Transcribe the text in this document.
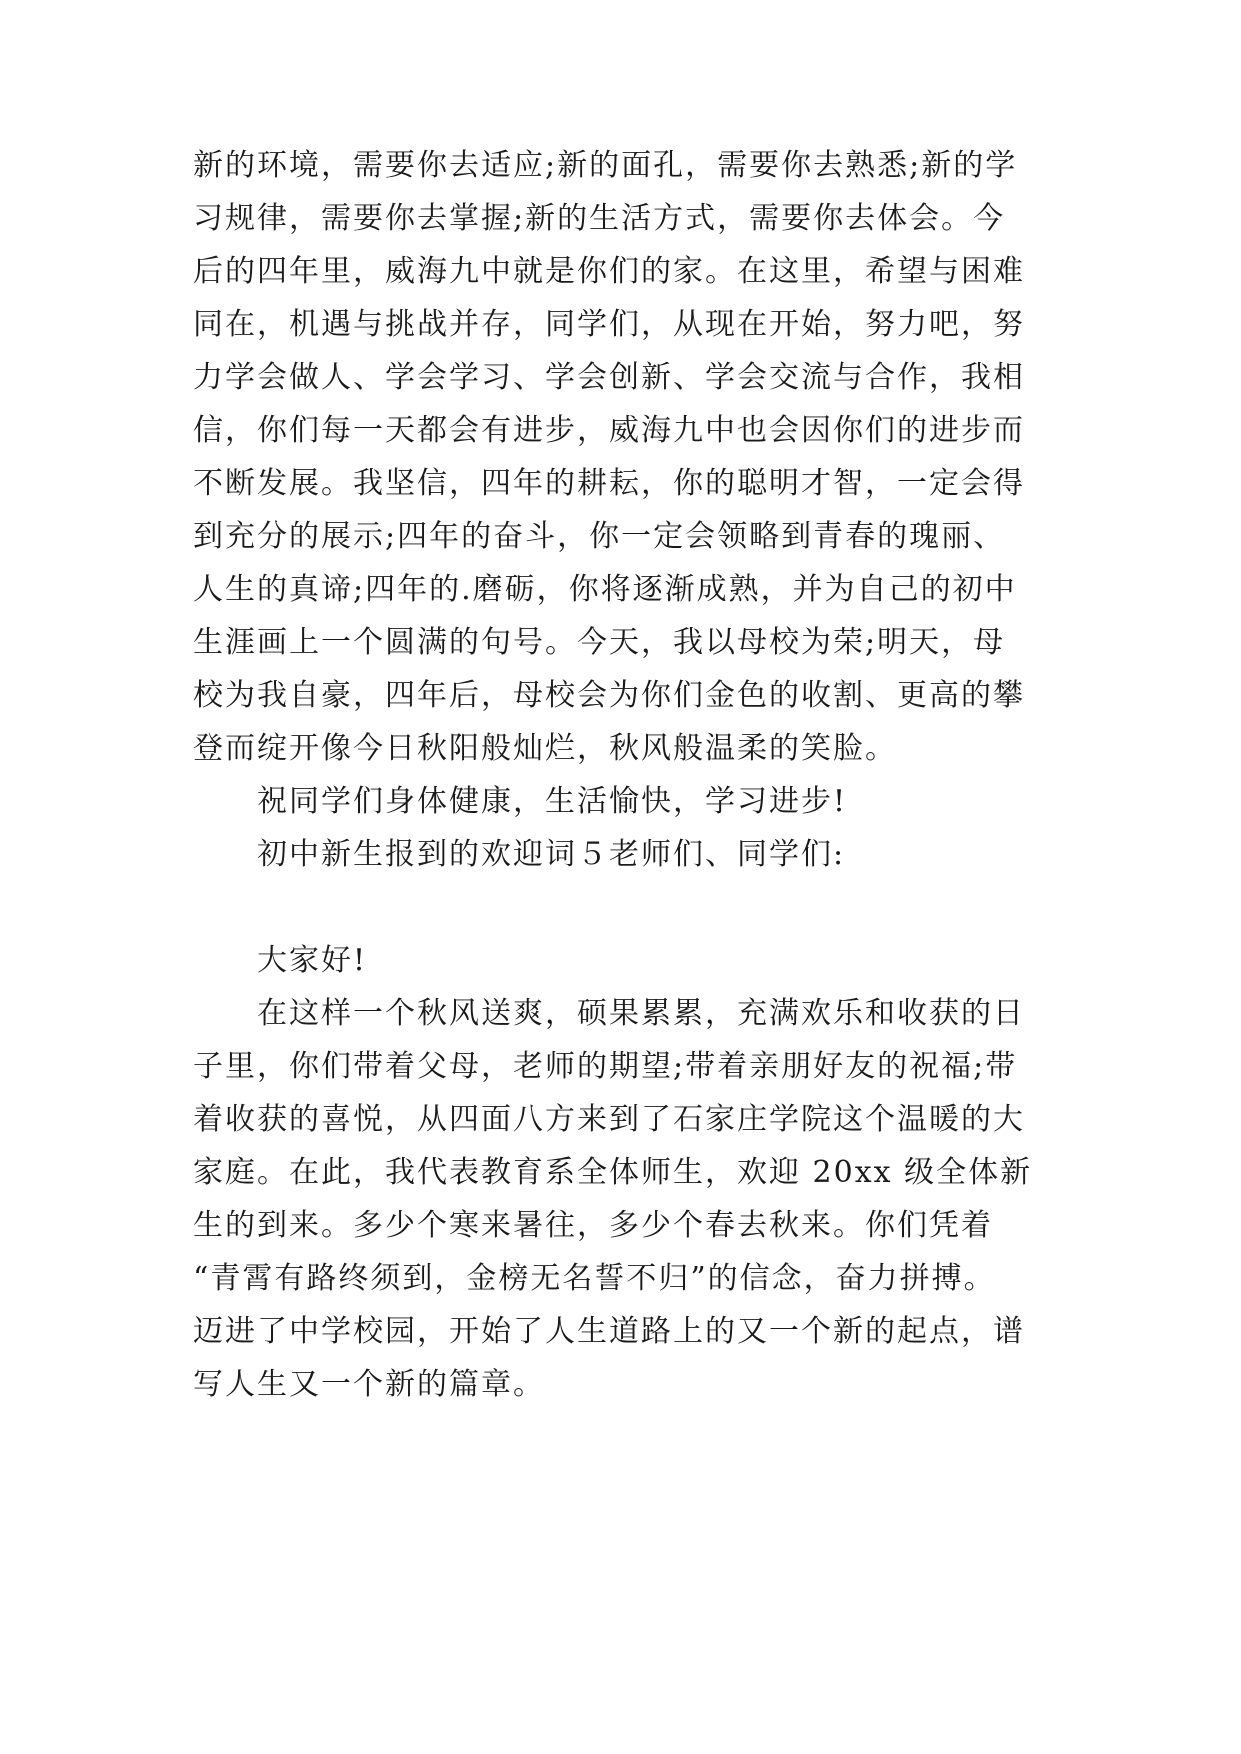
新的环境，需要你去适应;新的面孔，需要你去熟悉;新的学
习规律，需要你去掌握;新的生活方式，需要你去体会。今
后的四年里，威海九中就是你们的家。在这里，希望与困难
同在，机遇与挑战并存，同学们，从现在开始，努力吧，努
力学会做人、学会学习、学会创新、学会交流与合作，我相
信，你们每一天都会有进步，威海九中也会因你们的进步而
不断发展。我坚信，四年的耕耘，你的聪明才智，一定会得
到充分的展示;四年的奋斗，你一定会领略到青春的瑰丽、
人生的真谛;四年的.磨砺，你将逐渐成熟，并为自己的初中
生涯画上一个圆满的句号。今天，我以母校为荣;明天，母
校为我自豪，四年后，母校会为你们金色的收割、更高的攀
登而绽开像今日秋阳般灿烂，秋风般温柔的笑脸。
祝同学们身体健康，生活愉快，学习进步!
初中新生报到的欢迎词５老师们、同学们:
大家好!
在这样一个秋风送爽，硕果累累，充满欢乐和收获的日
子里，你们带着父母，老师的期望;带着亲朋好友的祝福;带
着收获的喜悦，从四面八方来到了石家庄学院这个温暖的大
家庭。在此，我代表教育系全体师生，欢迎 20xx 级全体新
生的到来。多少个寒来暑往，多少个春去秋来。你们凭着
“青霄有路终须到，金榜无名誓不归”的信念，奋力拼搏。
迈进了中学校园，开始了人生道路上的又一个新的起点，谱
写人生又一个新的篇章。
